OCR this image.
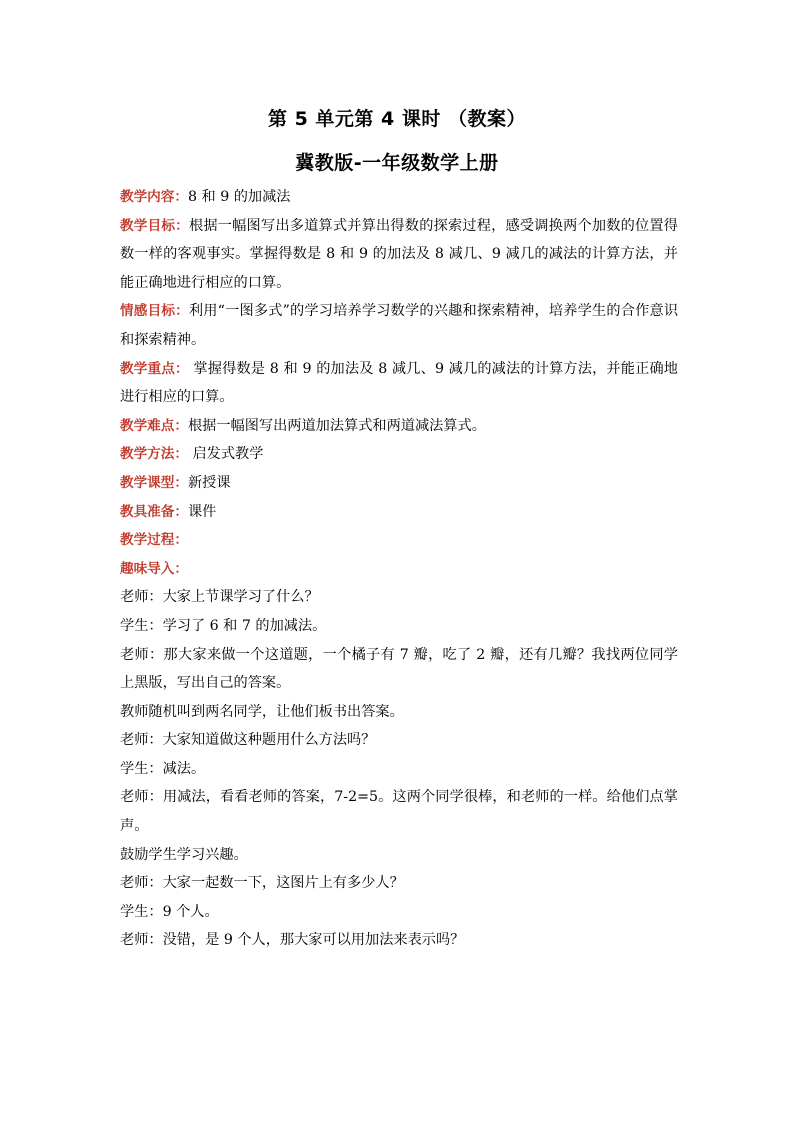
第 5 单元第 4 课时 （教案）
冀教版-一年级数学上册

教学内容：8 和 9 的加减法

教学目标：根据一幅图写出多道算式并算出得数的探索过程，感受调换两个加数的位置得数一样的客观事实。掌握得数是 8 和 9 的加法及 8 减几、9 减几的减法的计算方法，并能正确地进行相应的口算。

情感目标：利用“一图多式”的学习培养学习数学的兴趣和探索精神，培养学生的合作意识和探索精神。

教学重点： 掌握得数是 8 和 9 的加法及 8 减几、9 减几的减法的计算方法，并能正确地进行相应的口算。

教学难点：根据一幅图写出两道加法算式和两道减法算式。

教学方法： 启发式教学

教学课型：新授课

教具准备：课件

教学过程：

趣味导入：

老师：大家上节课学习了什么？

学生：学习了 6 和 7 的加减法。

老师：那大家来做一个这道题，一个橘子有 7 瓣，吃了 2 瓣，还有几瓣？我找两位同学上黑版，写出自己的答案。

教师随机叫到两名同学，让他们板书出答案。

老师：大家知道做这种题用什么方法吗？

学生：减法。

老师：用减法，看看老师的答案，7-2=5。这两个同学很棒，和老师的一样。给他们点掌声。

鼓励学生学习兴趣。

老师：大家一起数一下，这图片上有多少人？

学生：9 个人。

老师：没错，是 9 个人，那大家可以用加法来表示吗？
